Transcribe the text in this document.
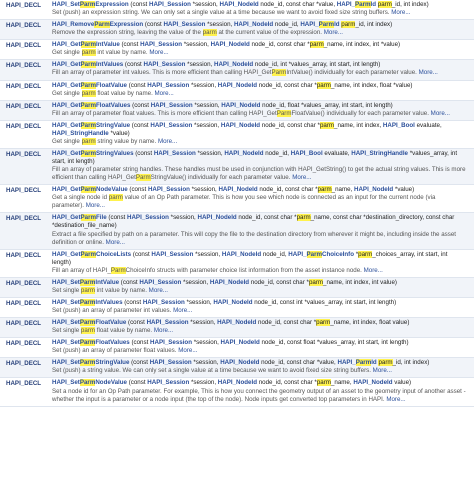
HAPI_DECL	HAPI_SetParmExpression (const HAPI_Session *session, HAPI_NodeId node_id, const char *value, HAPI_ParmId parm_id, int index)
Set (push) an expression string. We can only set a single value at a time because we want to avoid fixed size string buffers. More...
HAPI_DECL	HAPI_RemoveParmExpression (const HAPI_Session *session, HAPI_NodeId node_id, HAPI_ParmId parm_id, int index)
Remove the expression string, leaving the value of the parm at the current value of the expression. More...
HAPI_DECL	HAPI_GetParmIntValue (const HAPI_Session *session, HAPI_NodeId node_id, const char *parm_name, int index, int *value)
Get single parm int value by name. More...
HAPI_DECL	HAPI_GetParmIntValues (const HAPI_Session *session, HAPI_NodeId node_id, int *values_array, int start, int length)
Fill an array of parameter int values. This is more efficient than calling HAPI_GetParmIntValue() individually for each parameter value. More...
HAPI_DECL	HAPI_GetParmFloatValue (const HAPI_Session *session, HAPI_NodeId node_id, const char *parm_name, int index, float *value)
Get single parm float value by name. More...
HAPI_DECL	HAPI_GetParmFloatValues (const HAPI_Session *session, HAPI_NodeId node_id, float *values_array, int start, int length)
Fill an array of parameter float values. This is more efficient than calling HAPI_GetParmFloatValue() individually for each parameter value. More...
HAPI_DECL	HAPI_GetParmStringValue (const HAPI_Session *session, HAPI_NodeId node_id, const char *parm_name, int index, HAPI_Bool evaluate, HAPI_StringHandle *value)
Get single parm string value by name. More...
HAPI_DECL	HAPI_GetParmStringValues (const HAPI_Session *session, HAPI_NodeId node_id, HAPI_Bool evaluate, HAPI_StringHandle *values_array, int start, int length)
Fill an array of parameter string handles. These handles must be used in conjunction with HAPI_GetString() to get the actual string values. This is more efficient than calling HAPI_GetParmStringValue() individually for each parameter value. More...
HAPI_DECL	HAPI_GetParmNodeValue (const HAPI_Session *session, HAPI_NodeId node_id, const char *parm_name, HAPI_NodeId *value)
Get a single node id parm value of an Op Path parameter. This is how you see which node is connected as an input for the current node (via parameter). More...
HAPI_DECL	HAPI_GetParmFile (const HAPI_Session *session, HAPI_NodeId node_id, const char *parm_name, const char *destination_directory, const char *destination_file_name)
Extract a file specified by path on a parameter. This will copy the file to the destination directory from wherever it might be, including inside the asset definition or online. More...
HAPI_DECL	HAPI_GetParmChoiceLists (const HAPI_Session *session, HAPI_NodeId node_id, HAPI_ParmChoiceInfo *parm_choices_array, int start, int length)
Fill an array of HAPI_ParmChoiceInfo structs with parameter choice list information from the asset instance node. More...
HAPI_DECL	HAPI_SetParmIntValue (const HAPI_Session *session, HAPI_NodeId node_id, const char *parm_name, int index, int value)
Set single parm int value by name. More...
HAPI_DECL	HAPI_SetParmIntValues (const HAPI_Session *session, HAPI_NodeId node_id, const int *values_array, int start, int length)
Set (push) an array of parameter int values. More...
HAPI_DECL	HAPI_SetParmFloatValue (const HAPI_Session *session, HAPI_NodeId node_id, const char *parm_name, int index, float value)
Set single parm float value by name. More...
HAPI_DECL	HAPI_SetParmFloatValues (const HAPI_Session *session, HAPI_NodeId node_id, const float *values_array, int start, int length)
Set (push) an array of parameter float values. More...
HAPI_DECL	HAPI_SetParmStringValue (const HAPI_Session *session, HAPI_NodeId node_id, const char *value, HAPI_ParmId parm_id, int index)
Set (push) a string value. We can only set a single value at a time because we want to avoid fixed size string buffers. More...
HAPI_DECL	HAPI_SetParmNodeValue (const HAPI_Session *session, HAPI_NodeId node_id, const char *parm_name, HAPI_NodeId value)
Set a node id for an Op Path parameter. For example, This is how you connect the geometry output of an asset to the geometry input of another asset - whether the input is a parameter or a node input (the top of the node). Node inputs get converted top parameters in HAPI. More...
